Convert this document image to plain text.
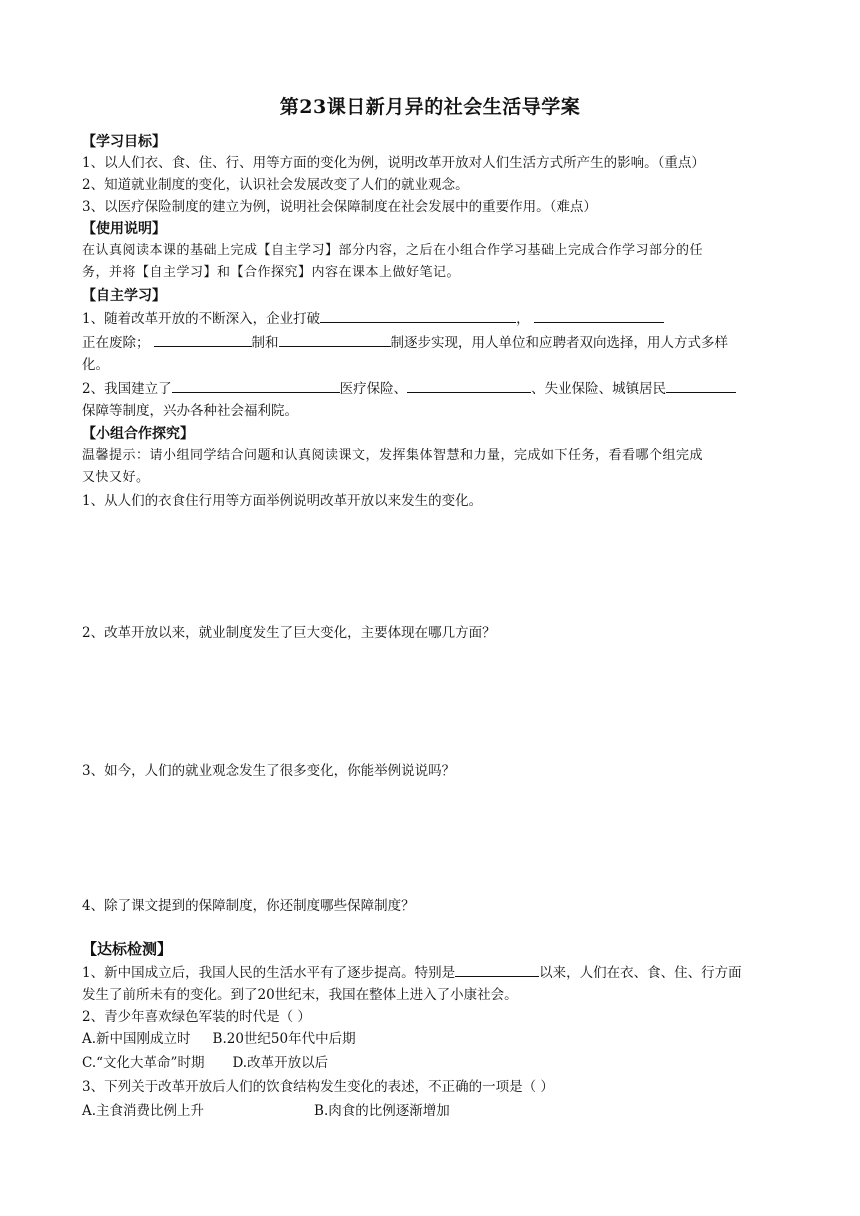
第23课日新月异的社会生活导学案
【学习目标】
1、以人们衣、食、住、行、用等方面的变化为例，说明改革开放对人们生活方式所产生的影响。（重点）
2、知道就业制度的变化，认识社会发展改变了人们的就业观念。
3、以医疗保险制度的建立为例，说明社会保障制度在社会发展中的重要作用。（难点）
【使用说明】
在认真阅读本课的基础上完成【自主学习】部分内容，之后在小组合作学习基础上完成合作学习部分的任
务，并将【自主学习】和【合作探究】内容在课本上做好笔记。
【自主学习】
1、随着改革开放的不断深入，企业打破	，
正在废除；	制和	制逐步实现，用人单位和应聘者双向选择，用人方式多样
化。
2、我国建立了	医疗保险、	、失业保险、城镇居民
保障等制度，兴办各种社会福利院。
【小组合作探究】
温馨提示：请小组同学结合问题和认真阅读课文，发挥集体智慧和力量，完成如下任务，看看哪个组完成
又快又好。
1、从人们的衣食住行用等方面举例说明改革开放以来发生的变化。
2、改革开放以来，就业制度发生了巨大变化，主要体现在哪几方面？
3、如今，人们的就业观念发生了很多变化，你能举例说说吗？
4、除了课文提到的保障制度，你还制度哪些保障制度？
【达标检测】
1、新中国成立后，我国人民的生活水平有了逐步提高。特别是	以来，人们在衣、食、住、行方面
发生了前所未有的变化。到了20世纪末，我国在整体上进入了小康社会。
2、青少年喜欢绿色军装的时代是（ ）
A.新中国刚成立时 B.20世纪50年代中后期
C.“文化大革命”时期 D.改革开放以后
3、下列关于改革开放后人们的饮食结构发生变化的表述，不正确的一项是（ ）
A.主食消费比例上升	B.肉食的比例逐渐增加
